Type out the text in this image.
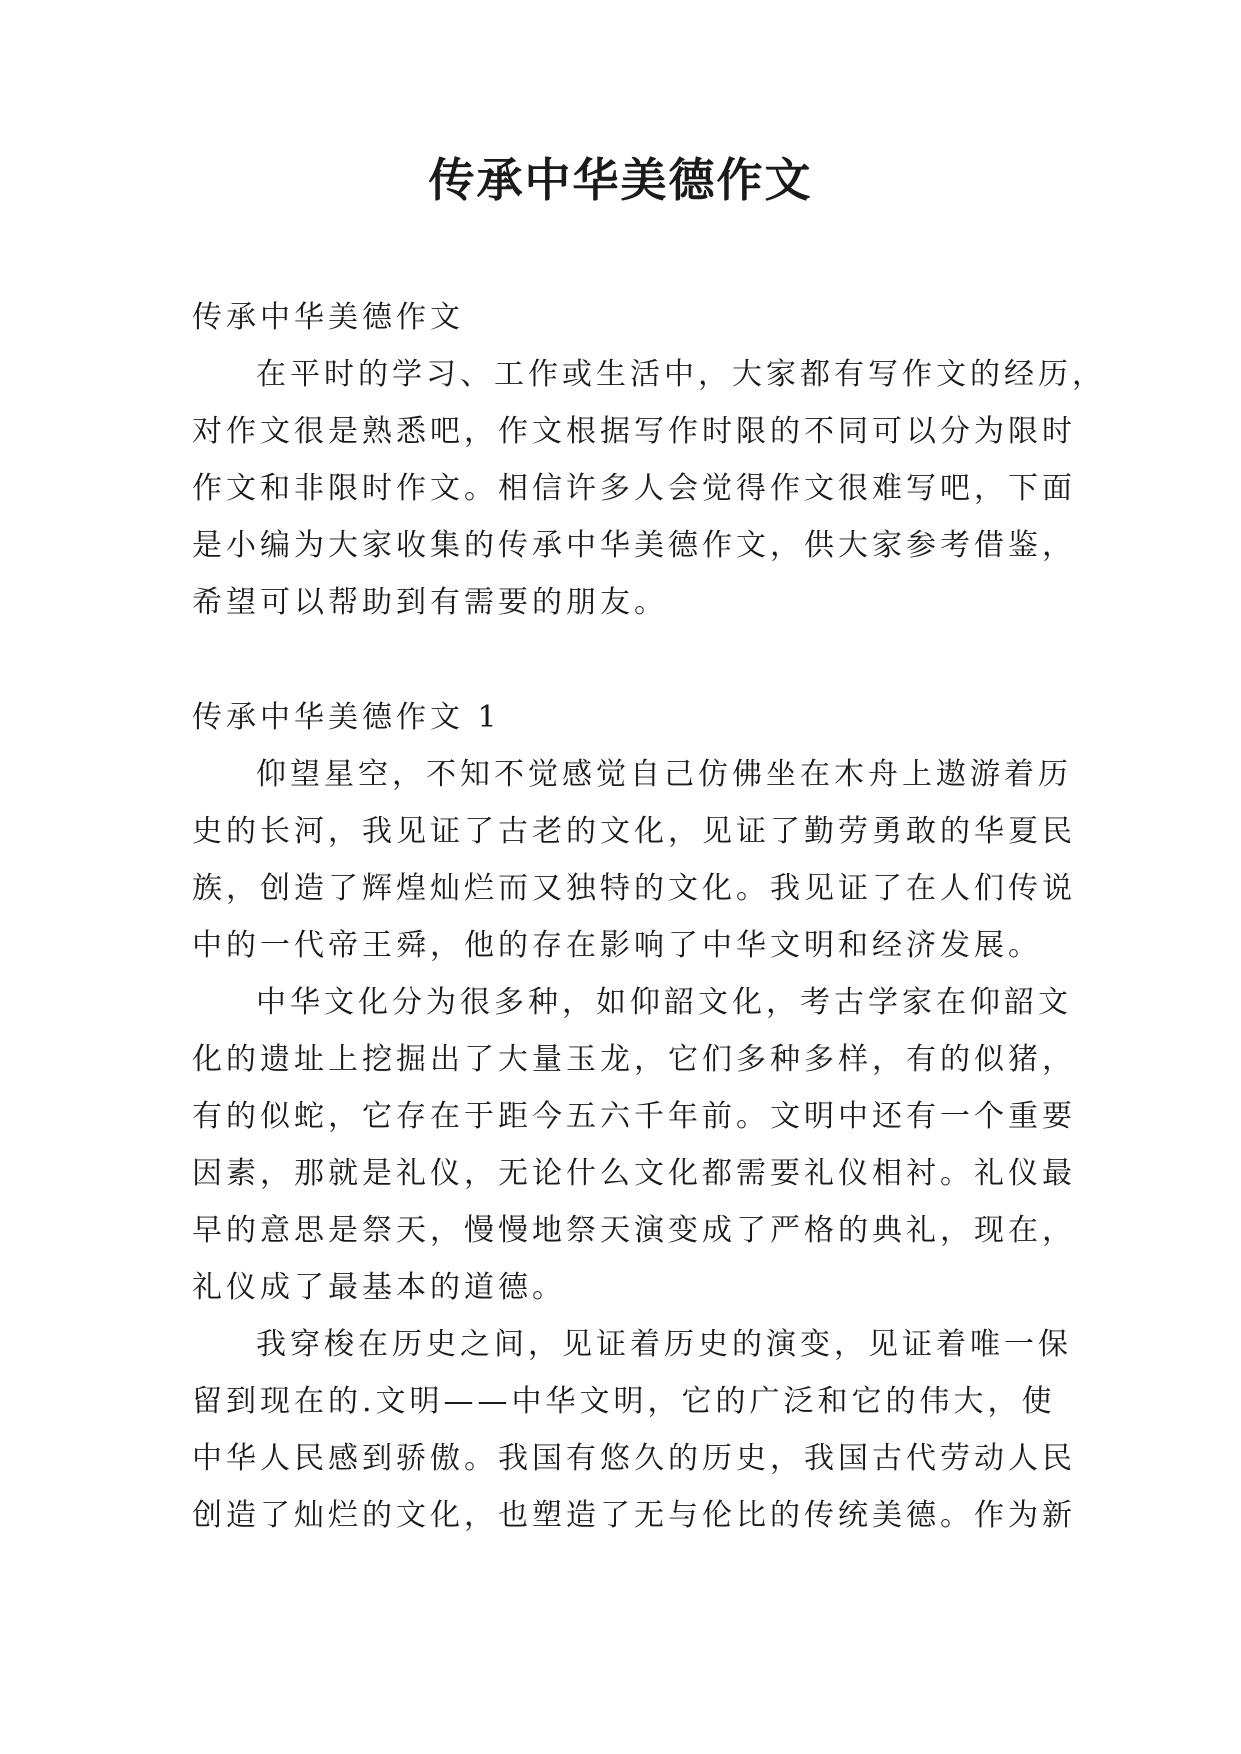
传承中华美德作文
传承中华美德作文
在平时的学习、工作或生活中，大家都有写作文的经历，
对作文很是熟悉吧，作文根据写作时限的不同可以分为限时
作文和非限时作文。相信许多人会觉得作文很难写吧，下面
是小编为大家收集的传承中华美德作文，供大家参考借鉴，
希望可以帮助到有需要的朋友。
传承中华美德作文 1
仰望星空，不知不觉感觉自己仿佛坐在木舟上遨游着历
史的长河，我见证了古老的文化，见证了勤劳勇敢的华夏民
族，创造了辉煌灿烂而又独特的文化。我见证了在人们传说
中的一代帝王舜，他的存在影响了中华文明和经济发展。
中华文化分为很多种，如仰韶文化，考古学家在仰韶文
化的遗址上挖掘出了大量玉龙，它们多种多样，有的似猪，
有的似蛇，它存在于距今五六千年前。文明中还有一个重要
因素，那就是礼仪，无论什么文化都需要礼仪相衬。礼仪最
早的意思是祭天，慢慢地祭天演变成了严格的典礼，现在，
礼仪成了最基本的道德。
我穿梭在历史之间，见证着历史的演变，见证着唯一保
留到现在的.文明——中华文明，它的广泛和它的伟大，使
中华人民感到骄傲。我国有悠久的历史，我国古代劳动人民
创造了灿烂的文化，也塑造了无与伦比的传统美德。作为新
